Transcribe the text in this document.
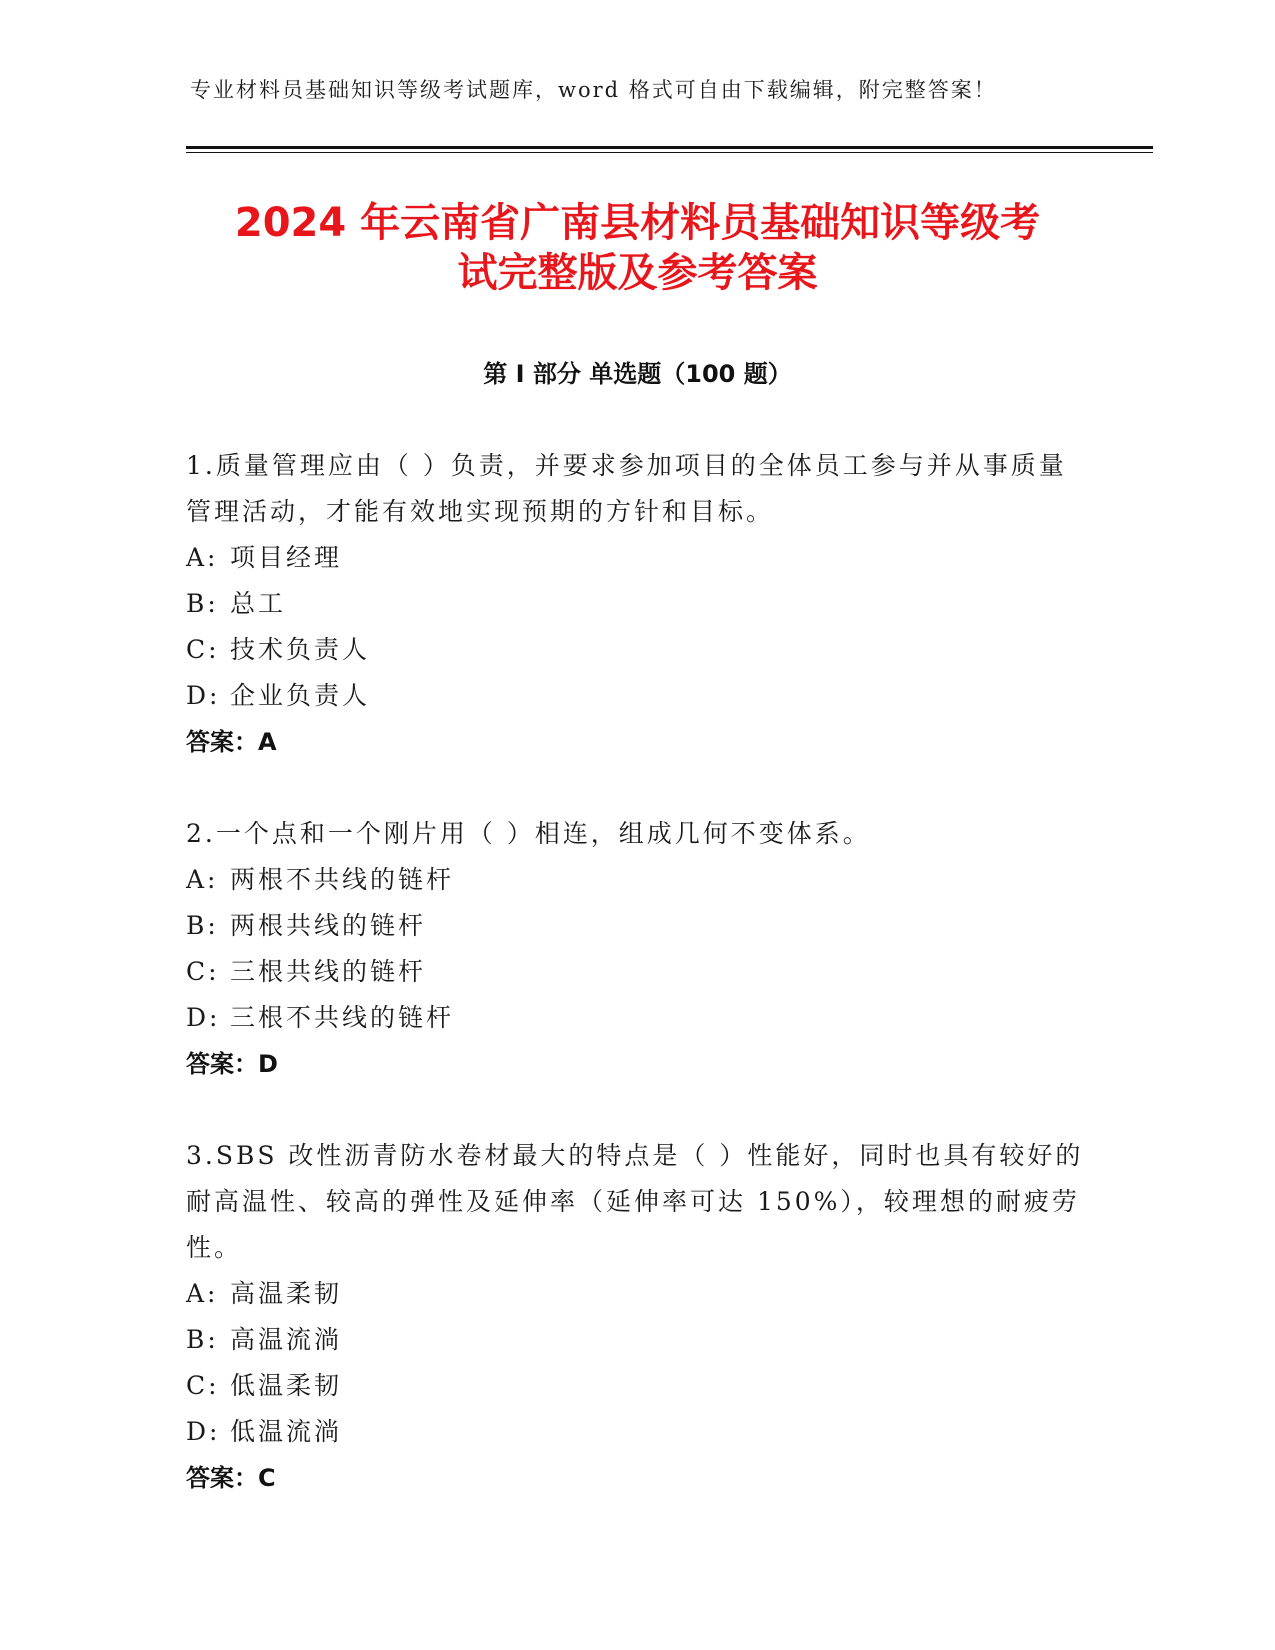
专业材料员基础知识等级考试题库，word 格式可自由下载编辑，附完整答案！
2024 年云南省广南县材料员基础知识等级考
试完整版及参考答案
第 I 部分 单选题（100 题）

1.质量管理应由（ ）负责，并要求参加项目的全体员工参与并从事质量管理活动，才能有效地实现预期的方针和目标。

A: 项目经理

B: 总工

C: 技术负责人

D: 企业负责人

答案：A

2.一个点和一个刚片用（ ）相连，组成几何不变体系。

A: 两根不共线的链杆

B: 两根共线的链杆

C: 三根共线的链杆

D: 三根不共线的链杆

答案：D

3.SBS 改性沥青防水卷材最大的特点是（ ）性能好，同时也具有较好的耐高温性、较高的弹性及延伸率（延伸率可达 150%），较理想的耐疲劳性。

A: 高温柔韧

B: 高温流淌

C: 低温柔韧

D: 低温流淌

答案：C
